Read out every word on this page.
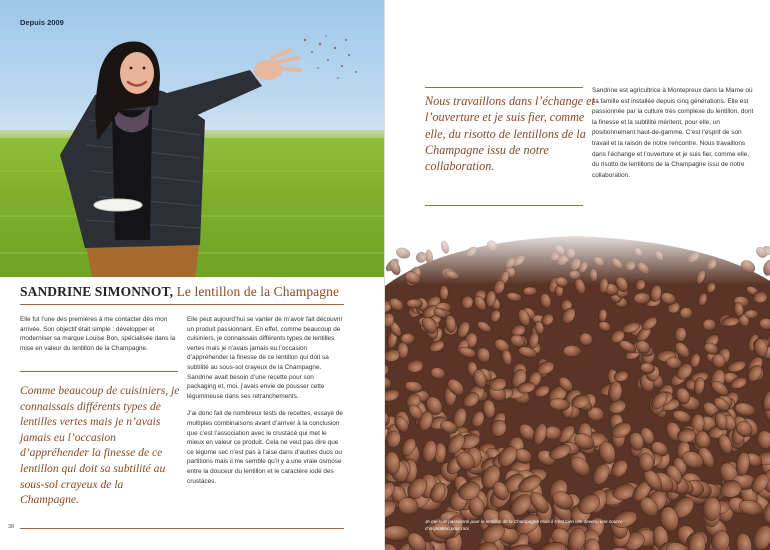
Depuis 2009
SANDRINE SIMONNOT, Le lentillon de la Champagne

Elle fut l’une des premières à me contacter dès mon arrivée. Son objectif était simple : développer et moderniser sa marque Louise Bon, spécialisée dans la mise en valeur du lentillon de la Champagne.

Comme beaucoup de cuisiniers, je connaissais différents types de lentilles vertes mais je n’avais jamais eu l’occasion d’appréhender la finesse de ce lentillon qui doit sa subtilité au sous-sol crayeux de la Champagne.

Elle peut aujourd’hui se vanter de m’avoir fait découvrir un produit passionnant. En effet, comme beaucoup de cuisiniers, je connaissais différents types de lentilles vertes mais je n’avais jamais eu l’occasion d’appréhender la finesse de ce lentillon qui doit sa subtilité au sous-sol crayeux de la Champagne. Sandrine avait besoin d’une recette pour son packaging et, moi, j’avais envie de pousser cette légumineuse dans ses retranchements.

J’ai donc fait de nombreux tests de recettes, essayé de multiples combinaisons avant d’arriver à la conclusion que c’est l’association avec le crustacé qui met le mieux en valeur ce produit. Cela ne veut pas dire que ce légume sec n’est pas à l’aise dans d’autres duos ou partitions mais il me semble qu’il y a une vraie osmose entre la douceur du lentillon et le caractère iodé des crustacés.

38
Nous travaillons dans l’échange et l’ouverture et je suis fier, comme elle, du risotto de lentillons de la Champagne issu de notre collaboration.
Sandrine est agricultrice à Montepreux dans la Marne où sa famille est installée depuis cinq générations. Elle est passionnée par la culture très complexe du lentillon, dont la finesse et la subtilité méritent, pour elle, un positionnement haut-de-gamme. C’est l’esprit de son travail et la raison de notre rencontre. Nous travaillons dans l’échange et l’ouverture et je suis fier, comme elle, du risotto de lentillons de la Champagne issu de notre collaboration.
Je me suis passionné pour le lentillon de la Champagne mais il s’est bien vite devenu une source d’inspiration pour moi.
